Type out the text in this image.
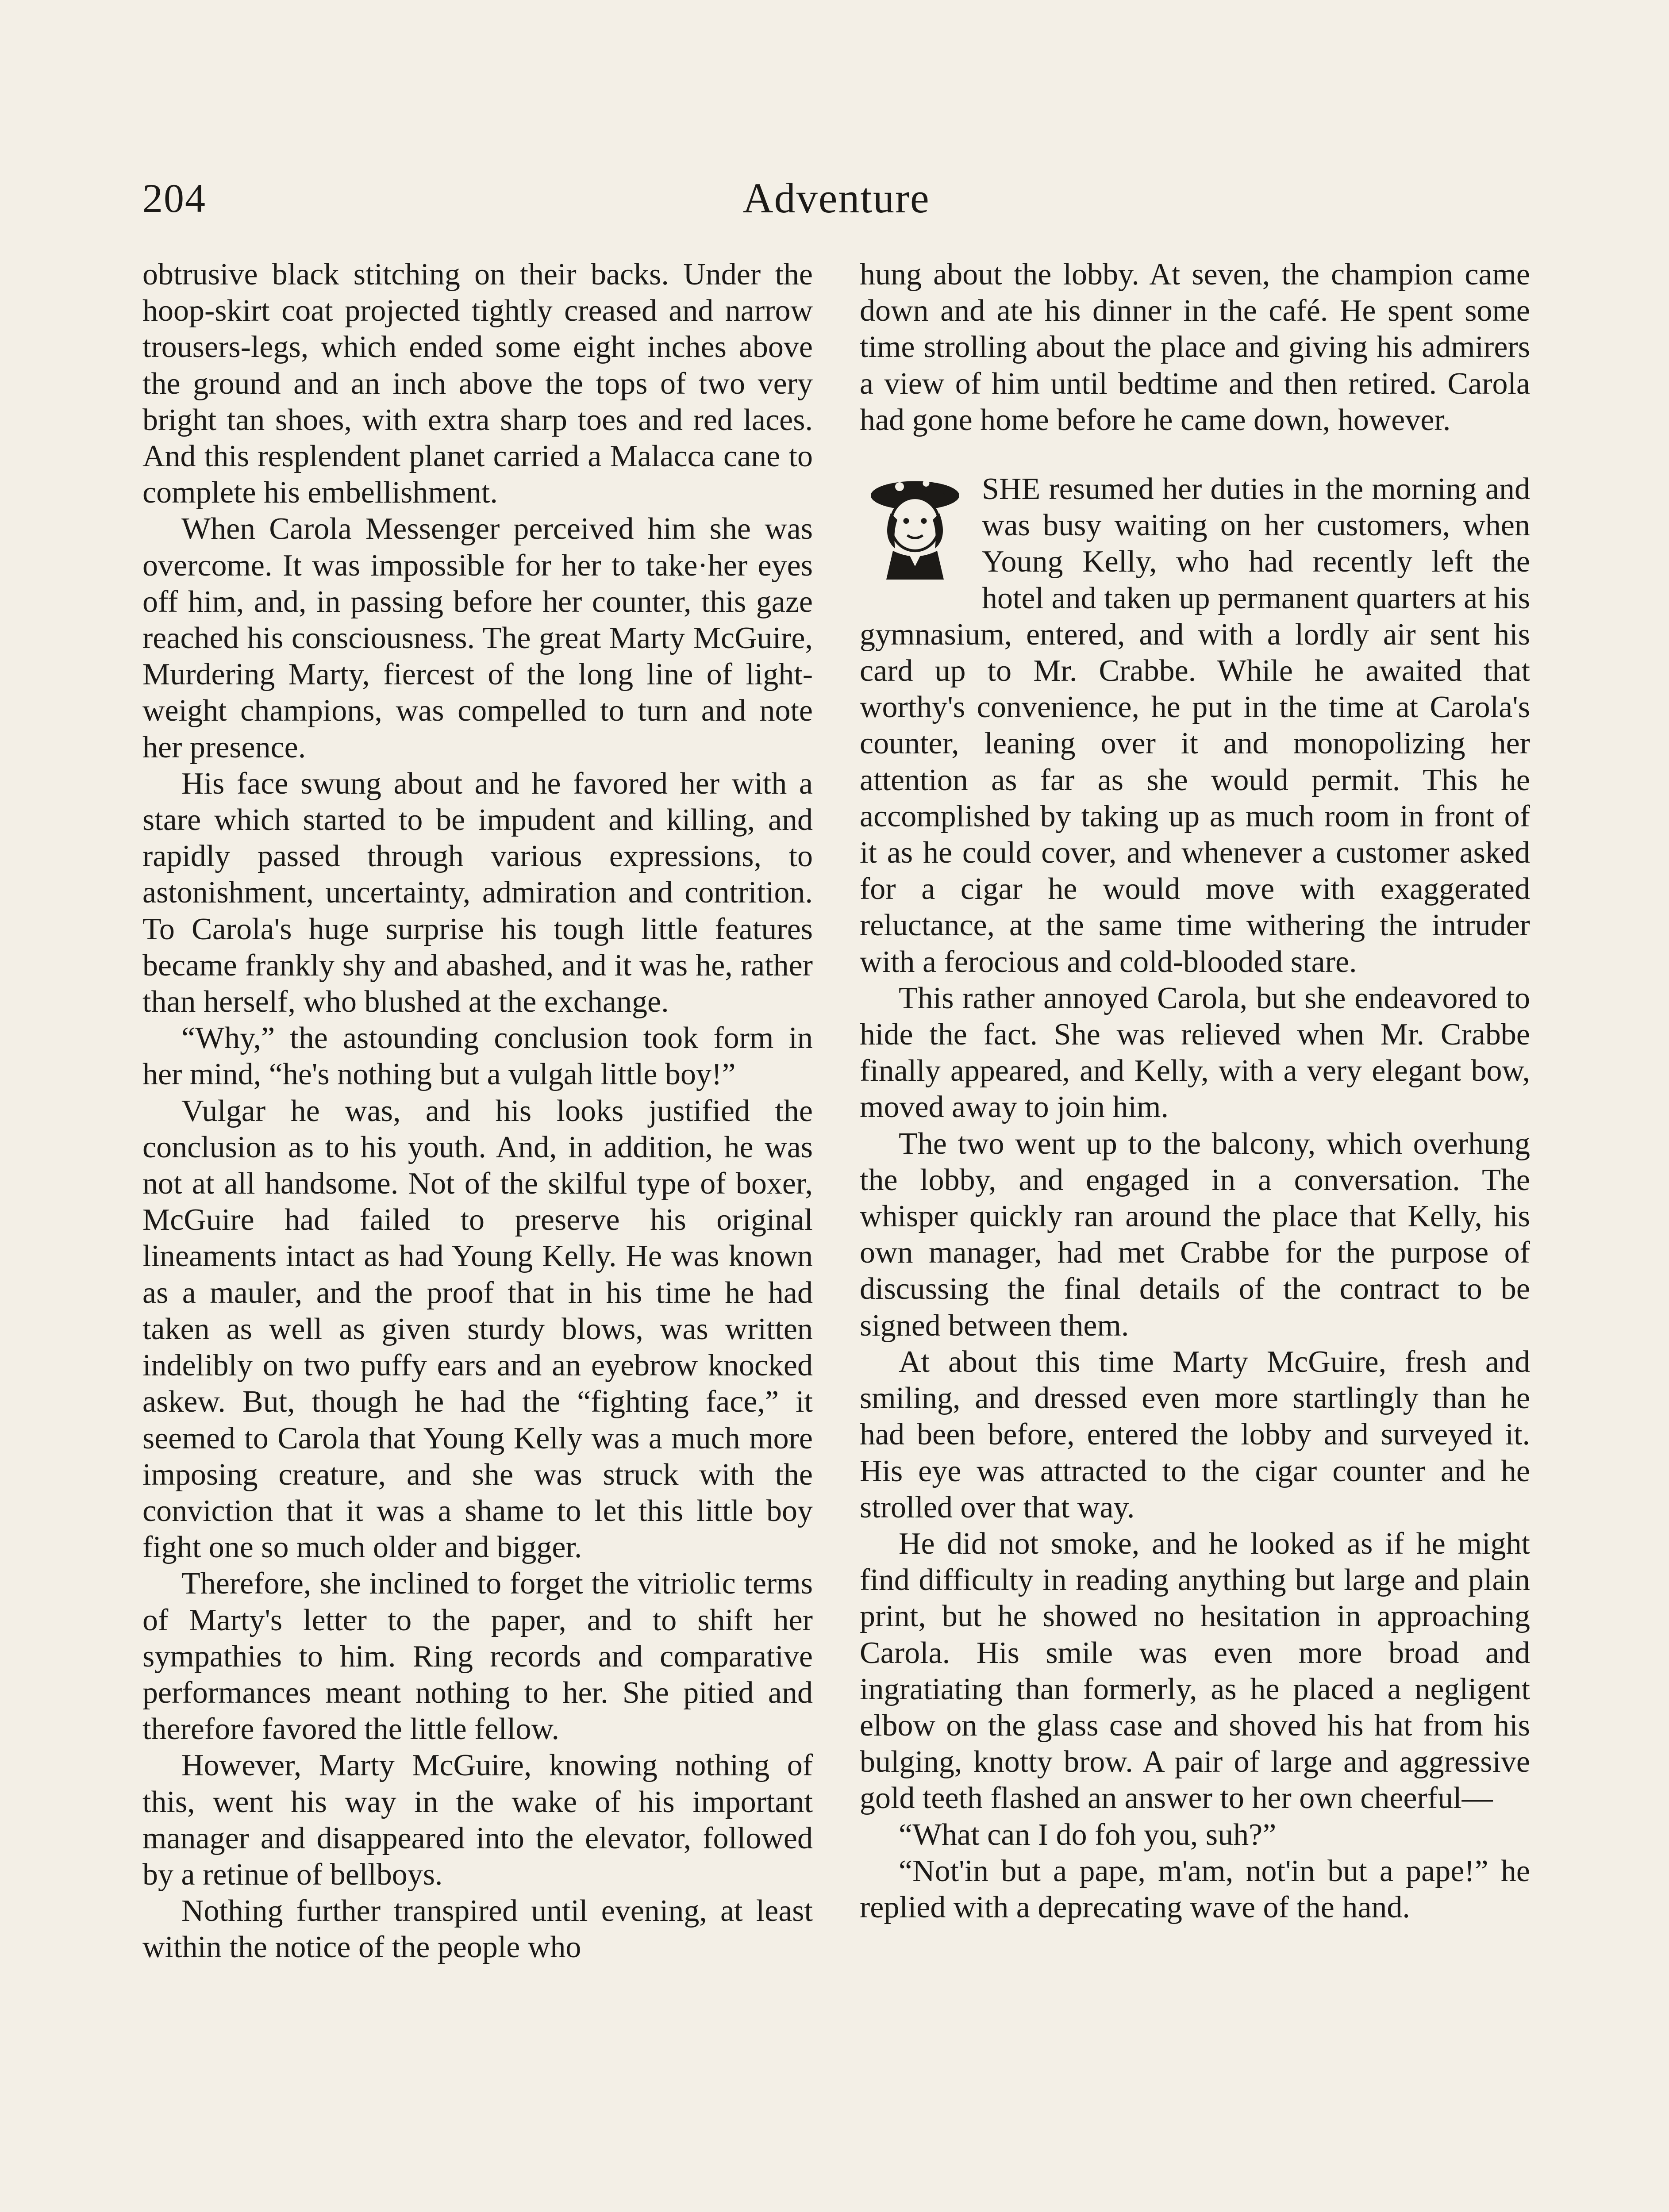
204	Adventure

obtrusive black stitching on their backs. Under the hoop-skirt coat projected tightly creased and narrow trousers-legs, which ended some eight inches above the ground and an inch above the tops of two very bright tan shoes, with extra sharp toes and red laces. And this resplendent planet carried a Malacca cane to complete his embellishment.

When Carola Messenger perceived him she was overcome. It was impossible for her to take·her eyes off him, and, in passing before her counter, this gaze reached his consciousness. The great Marty McGuire, Murdering Marty, fiercest of the long line of light-weight champions, was compelled to turn and note her presence.

His face swung about and he favored her with a stare which started to be impudent and killing, and rapidly passed through various expressions, to astonishment, uncertainty, admiration and contrition. To Carola's huge surprise his tough little features became frankly shy and abashed, and it was he, rather than herself, who blushed at the exchange.

“Why,” the astounding conclusion took form in her mind, “he's nothing but a vulgah little boy!”

Vulgar he was, and his looks justified the conclusion as to his youth. And, in addition, he was not at all handsome. Not of the skilful type of boxer, McGuire had failed to preserve his original lineaments intact as had Young Kelly. He was known as a mauler, and the proof that in his time he had taken as well as given sturdy blows, was written indelibly on two puffy ears and an eyebrow knocked askew. But, though he had the “fighting face,” it seemed to Carola that Young Kelly was a much more imposing creature, and she was struck with the conviction that it was a shame to let this little boy fight one so much older and bigger.

Therefore, she inclined to forget the vitriolic terms of Marty's letter to the paper, and to shift her sympathies to him. Ring records and comparative performances meant nothing to her. She pitied and therefore favored the little fellow.

However, Marty McGuire, knowing nothing of this, went his way in the wake of his important manager and disappeared into the elevator, followed by a retinue of bellboys.

Nothing further transpired until evening, at least within the notice of the people who

hung about the lobby. At seven, the champion came down and ate his dinner in the café. He spent some time strolling about the place and giving his admirers a view of him until bedtime and then retired. Carola had gone home before he came down, however.

SHE resumed her duties in the morning and was busy waiting on her customers, when Young Kelly, who had recently left the hotel and taken up permanent quarters at his gymnasium, entered, and with a lordly air sent his card up to Mr. Crabbe. While he awaited that worthy's convenience, he put in the time at Carola's counter, leaning over it and monopolizing her attention as far as she would permit. This he accomplished by taking up as much room in front of it as he could cover, and whenever a customer asked for a cigar he would move with exaggerated reluctance, at the same time withering the intruder with a ferocious and cold-blooded stare.

This rather annoyed Carola, but she endeavored to hide the fact. She was relieved when Mr. Crabbe finally appeared, and Kelly, with a very elegant bow, moved away to join him.

The two went up to the balcony, which overhung the lobby, and engaged in a conversation. The whisper quickly ran around the place that Kelly, his own manager, had met Crabbe for the purpose of discussing the final details of the contract to be signed between them.

At about this time Marty McGuire, fresh and smiling, and dressed even more startlingly than he had been before, entered the lobby and surveyed it. His eye was attracted to the cigar counter and he strolled over that way.

He did not smoke, and he looked as if he might find difficulty in reading anything but large and plain print, but he showed no hesitation in approaching Carola. His smile was even more broad and ingratiating than formerly, as he placed a negligent elbow on the glass case and shoved his hat from his bulging, knotty brow. A pair of large and aggressive gold teeth flashed an answer to her own cheerful—

“What can I do foh you, suh?”

“Not'in but a pape, m'am, not'in but a pape!” he replied with a deprecating wave of the hand.
